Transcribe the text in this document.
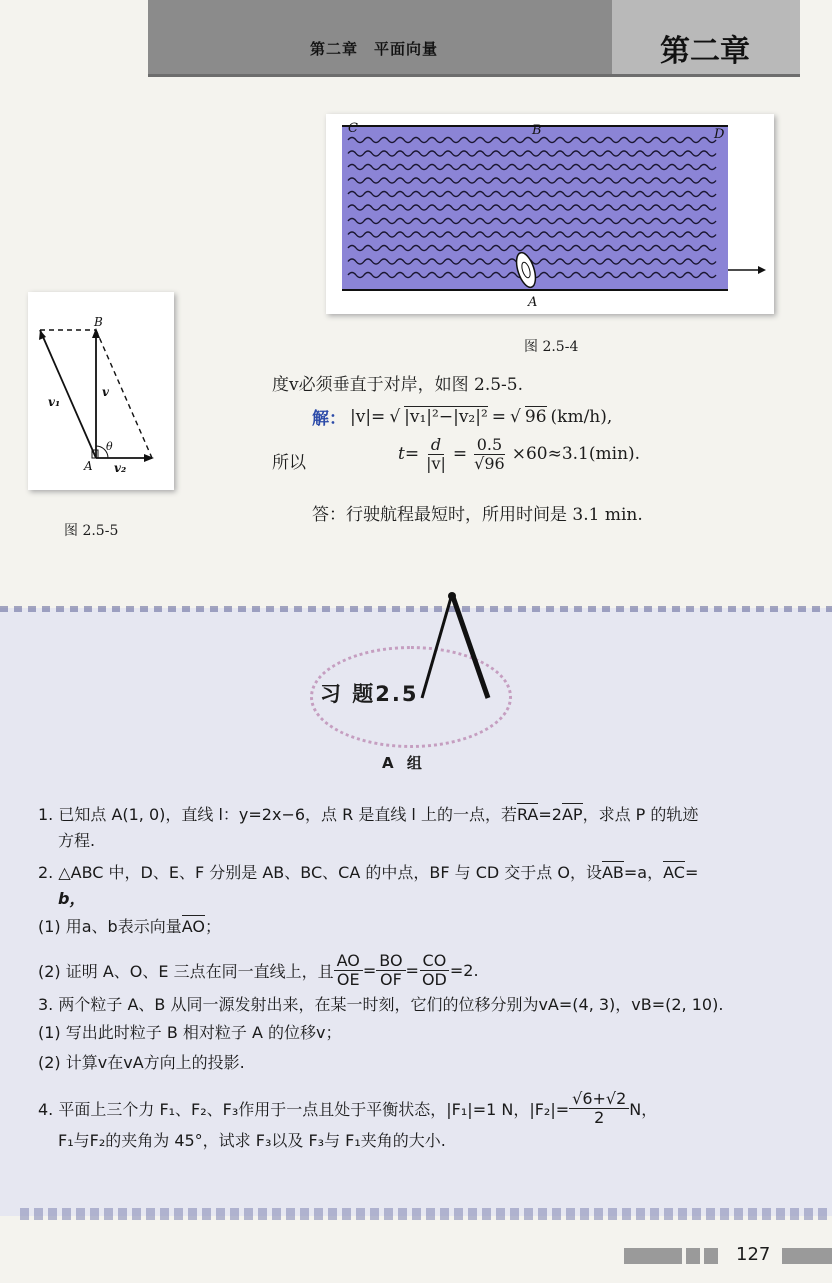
第二章　平面向量	第二章
C	B	D
A
图 2.5-4
B
A
v₁
v
v₂
θ
图 2.5-5
度v必须垂直于对岸，如图 2.5-5.
解： |v|= √ |v₁|²−|v₂|² = √ 96 (km/h),
所以	$t= \frac{d}{|v|} = \frac{0.5}{√96} \times 60\approx 3.1(\min)$.
答：行驶航程最短时，所用时间是 3.1 min.
习 题2.5
A 组
1. 已知点 A(1, 0)，直线 l：y=2x−6，点 R 是直线 l 上的一点，若RA=2AP，求点 P 的轨迹
方程.
2. △ABC 中，D、E、F 分别是 AB、BC、CA 的中点，BF 与 CD 交于点 O，设AB=a，AC=
b，
(1) 用a、b表示向量AO；
(2) 证明 A、O、E 三点在同一直线上，且 $\frac{AO}{OE} = \frac{BO}{OF} = \frac{CO}{OD} =2$.
3. 两个粒子 A、B 从同一源发射出来，在某一时刻，它们的位移分别为vA=(4, 3)，vB=(2, 10).
(1) 写出此时粒子 B 相对粒子 A 的位移v；
(2) 计算v在vA方向上的投影.
4. 平面上三个力 F₁、F₂、F₃作用于一点且处于平衡状态，|F₁|=1 N，$|F_2|= \frac{√6+√2}{2}$ N，
F₁与F₂的夹角为 45°，试求 F₃以及 F₃与 F₁夹角的大小.
127
